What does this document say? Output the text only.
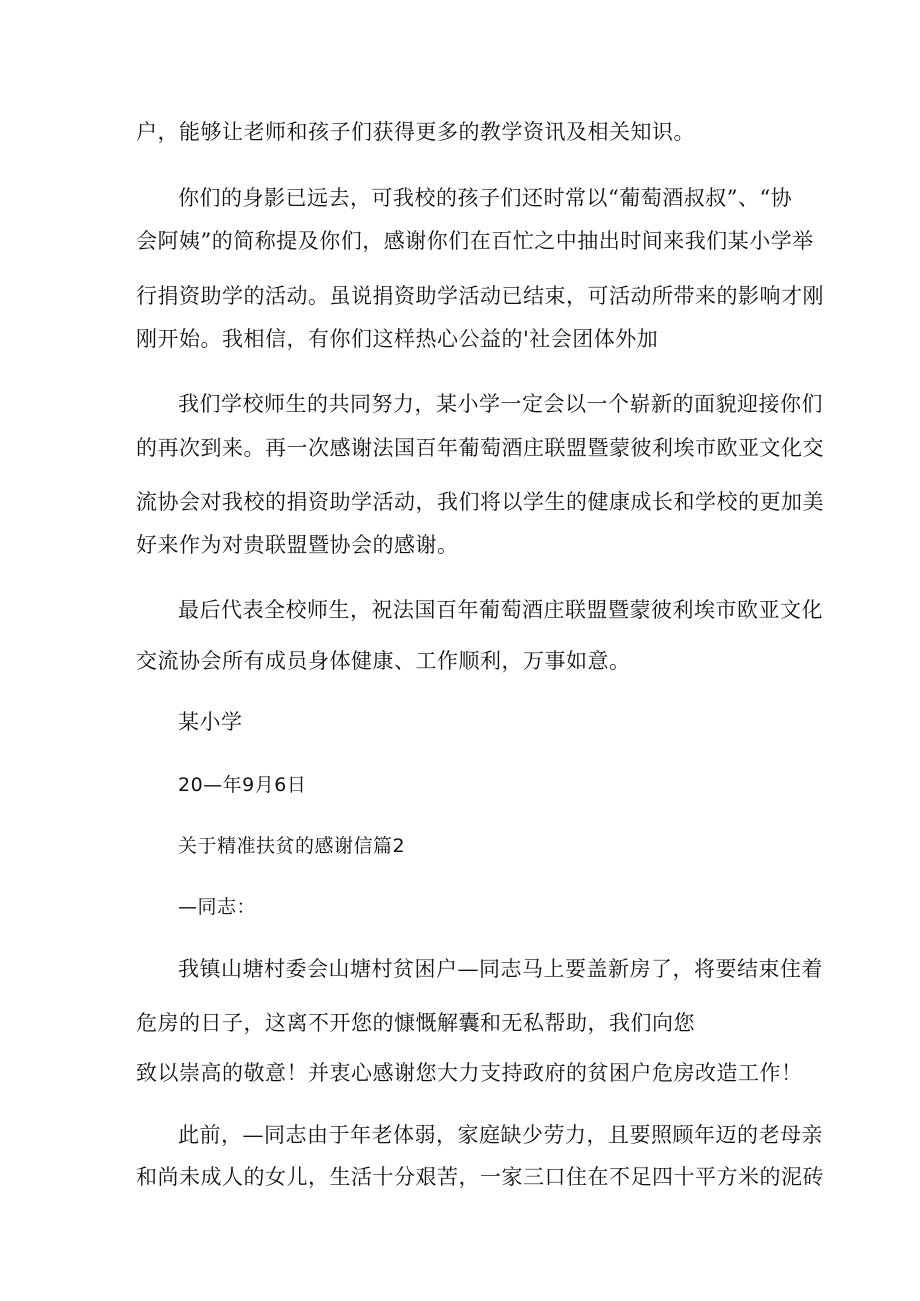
户，能够让老师和孩子们获得更多的教学资讯及相关知识。
你们的身影已远去，可我校的孩子们还时常以“葡萄酒叔叔”、“协
会阿姨”的简称提及你们，感谢你们在百忙之中抽出时间来我们某小学举
行捐资助学的活动。虽说捐资助学活动已结束，可活动所带来的影响才刚
刚开始。我相信，有你们这样热心公益的'社会团体外加
我们学校师生的共同努力，某小学一定会以一个崭新的面貌迎接你们
的再次到来。再一次感谢法国百年葡萄酒庄联盟暨蒙彼利埃市欧亚文化交
流协会对我校的捐资助学活动，我们将以学生的健康成长和学校的更加美
好来作为对贵联盟暨协会的感谢。
最后代表全校师生，祝法国百年葡萄酒庄联盟暨蒙彼利埃市欧亚文化
交流协会所有成员身体健康、工作顺利，万事如意。
某小学
20—年9月6日
关于精准扶贫的感谢信篇2
—同志：
我镇山塘村委会山塘村贫困户—同志马上要盖新房了，将要结束住着
危房的日子，这离不开您的慷慨解囊和无私帮助，我们向您
致以崇高的敬意！并衷心感谢您大力支持政府的贫困户危房改造工作！
此前，—同志由于年老体弱，家庭缺少劳力，且要照顾年迈的老母亲
和尚未成人的女儿，生活十分艰苦，一家三口住在不足四十平方米的泥砖
